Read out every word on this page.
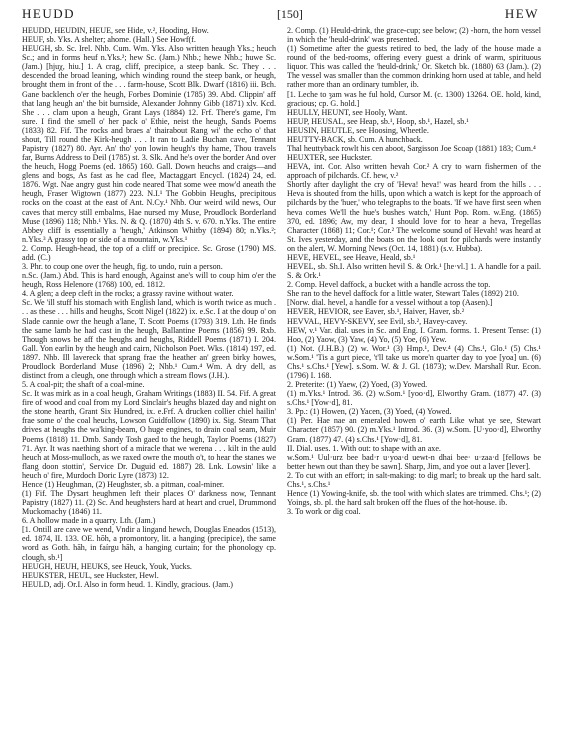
HEUDD	[150]	HEW

HEUDD, HEUDIN, HEUE, see Hide, v.², Hooding, How.

HEUF, sb. Yks. A shelter; ahome. (Hall.) See Howf(f.

HEUGH, sb. Sc. Irel. Nhb. Cum. Wm. Yks. Also written heaugh Yks.; heuch Sc.; and in forms heuf n.Yks.²; hew Sc. (Jam.) Nhb.; hewe Nhb.; huwe Sc. (Jam.) [hjuχ, hiu.] 1. A crag, cliff, precipice, a steep bank. Sc. They . . . descended the broad leaning, which winding round the steep bank, or heugh, brought them in front of the . . . farm-house, Scott Blk. Dwarf (1816) iii. Bch. Gane backlench o'er the heugh, Forbes Dominie (1785) 39. Abd. Clippin' aff that lang heugh an' the bit burnside, Alexander Johnny Gibb (1871) xlv. Kcd. She . . . clam upon a heugh, Grant Lays (1884) 12. Frf. There's game, I'm sure. I find the smell o' her pack o' Ethie, neist the heugh, Sands Poems (1833) 82. Fif. The rocks and braes a' thairabout Rang wi' the echo o' that shout, Till round the Kirk-heugh . . . It ran to Ladie Buchan cave, Tennant Papistry (1827) 80. Ayr. An' tho' yon lowin heugh's thy hame, Thou travels far, Burns Address to Deil (1785) st. 3. Slk. And he's over the border And over the heuch, Hogg Poems (ed. 1865) 160. Gall. Down heuchs and craigs—and glens and bogs, As fast as he cad flee, Mactaggart Encycl. (1824) 24, ed. 1876. Wgt. Nae angry gust hin code neared That some wee mow'd aneath the heugh, Fraser Wigtown (1877) 223. N.I.¹ The Gobbin Heughs, precipitous rocks on the coast at the east of Ant. N.Cy.¹ Nhb. Our weird wild news, Our caves that mercy still embalms, Hae nursed my Muse, Proudlock Borderland Muse (1896) 118; Nhb.¹ Yks. N. & Q. (1870) 4th S. v. 670. n.Yks. The entire Abbey cliff is essentially a 'heugh,' Atkinson Whitby (1894) 80; n.Yks.²; n.Yks.³ A grassy top or side of a mountain, w.Yks.¹

2. Comp. Heugh-head, the top of a cliff or precipice. Sc. Grose (1790) MS. add. (C.)

3. Phr. to coup one over the heugh, fig. to undo, ruin a person.

n.Sc. (Jam.) Abd. This is hard enough, Against ane's will to coup him o'er the heugh, Ross Helenore (1768) 100, ed. 1812.

4. A glen; a deep cleft in the rocks; a grassy ravine without water.

Sc. We 'ill stuff his stomach with English land, which is worth twice as much . . . as these . . . hills and heughs, Scott Nigel (1822) ix. e.Sc. I at the doup o' on Slade cannie owr the heugh a'lane, T. Scott Poems (1793) 319. Lth. He finds the same lamb he had cast in the heugh, Ballantine Poems (1856) 99. Rxb. Though snows be aff the heughs and heughs, Riddell Poems (1871) I. 204. Gall. Yon earlin by the heugh and cairn, Nicholson Poet. Wks. (1814) 197, ed. 1897. Nhb. Ill lavereck that sprang frae the heather an' green birky howes, Proudlock Borderland Muse (1896) 2; Nhb.¹ Cum.⁴ Wm. A dry dell, as distinct from a cleugh, one through which a stream flows (J.H.).

5. A coal-pit; the shaft of a coal-mine.

Sc. It was mirk as in a coal heugh, Graham Writings (1883) II. 54. Fif. A great fire of wood and coal from my Lord Sinclair's heughs blazed day and night on the stone hearth, Grant Six Hundred, ix. e.Frf. A drucken collier chiel hailin' frae some o' the coal heuchs, Lowson Guidfollow (1890) ix. Sig. Steam That drives at heughs the wa'king-beam, O huge engines, to drain coal seam, Muir Poems (1818) 11. Dmb. Sandy Tosh gaed to the heugh, Taylor Poems (1827) 71. Ayr. It was naething short of a miracle that we werena . . . kilt in the auld heuch at Moss-mulloch, as we raxed owre the mouth o't, to hear the stanes we flang doon stottin', Service Dr. Duguid ed. 1887) 28. Lnk. Lowsin' like a heuch o' fire, Murdoch Doric Lyre (1873) 12.

Hence (1) Heughman, (2) Heughster, sb. a pitman, coal-miner.

(1) Fif. The Dysart heughmen left their places O' darkness now, Tennant Papistry (1827) 11. (2) Sc. And heughsters hard at heart and cruel, Drummond Muckomachy (1846) 11.

6. A hollow made in a quarry. Lth. (Jam.)

[1. Ontill are cave we wend, Vndir a lingand hewch, Douglas Eneados (1513), ed. 1874, II. 133. OE. hōh, a promontory, lit. a hanging (precipice), the same word as Goth. hāh, in faírgu hāh, a hanging curtain; for the phonology cp. clough, sb.¹]

HEUGH, HEUH, HEUKS, see Heuck, Youk, Yucks.

HEUKSTER, HEUL, see Huckster, Hewl.

HEULD, adj. Or.I. Also in form heud. 1. Kindly, gracious. (Jam.)

2. Comp. (1) Heuld-drink, the grace-cup; see below; (2) -horn, the horn vessel in which the 'heuld-drink' was presented.

(1) Sometime after the guests retired to bed, the lady of the house made a round of the bed-rooms, offering every guest a drink of warm, spirituous liquor. This was called the 'heuld-drink,' Or. Sketch bk. (1880) 63 (Jam.). (2) The vessel was smaller than the common drinking horn used at table, and held rather more than an ordinary tumbler, ib.

[1. Leche to ȝam was he ful hold, Cursor M. (c. 1300) 13264. OE. hold, kind, gracious; cp. G. hold.]

HEULLY, HEUNT, see Hooly, Want.

HEUP, HEUSAL, see Heap, sb.¹, Hoop, sb.¹, Hazel, sb.¹

HEUSIN, HEUTLE, see Hoosing, Wheetle.

HEUTTY-BACK, sb. Cum. A hunchback.

Thal heuttyback rowlt his cen aboot, Sargisson Joe Scoap (1881) 183; Cum.⁴

HEUXTER, see Huckster.

HEVA, int. Cor. Also written hevah Cor.² A cry to warn fishermen of the approach of pilchards. Cf. hew, v.²

Shortly after daylight the cry of 'Heva! heva!' was heard from the hills . . . Heva is shouted from the hills, upon which a watch is kept for the approach of pilchards by the 'huer,' who telegraphs to the boats. 'If we have first seen when heva comes We'll the hue's bushes watch,' Hunt Pop. Rom. w.Eng. (1865) 370, ed. 1896; Aw, my dear, I should love for to hear a heva, Tregellas Character (1868) 11; Cor.¹; Cor.² The welcome sound of Hevah! was heard at St. Ives yesterday, and the boats on the look out for pilchards were instantly on the alert, W. Morning News (Oct. 14, 1881) (s.v. Hubba).

HEVE, HEVEL, see Heave, Heald, sb.¹

HEVEL, sb. Sh.I. Also written hevil S. & Ork.¹ [he·vl.] 1. A handle for a pail. S. & Ork.¹

2. Comp. Hevel daffock, a bucket with a handle across the top.

She ran to the hevel daffock for a little water, Stewart Tales (1892) 210.

[Norw. dial. hevel, a handle for a vessel without a top (Aasen).]

HEVER, HEVIOR, see Eaver, sb.¹, Haiver, Haver, sb.²

HEVVAL, HEVY-SKEVY, see Evil, sb.², Havey-cavey.

HEW, v.¹ Var. dial. uses in Sc. and Eng. I. Gram. forms. 1. Present Tense: (1) Hoo, (2) Yaow, (3) Yaw, (4) Yo, (5) Yoe, (6) Yew.

(1) Not. (J.H.B.) (2) w. Wor.¹ (3) Hmp.¹, Dev.⁴ (4) Chs.¹, Glo.¹ (5) Chs.¹ w.Som.¹ 'Tis a gurt piece, 't'll take us more'n quarter day to yoe [yoa] un. (6) Chs.¹ s.Chs.¹ [Yew]. s.Som. W. & J. Gl. (1873); w.Dev. Marshall Rur. Econ. (1796) I. 168.

2. Preterite: (1) Yaew, (2) Yoed, (3) Yowed.

(1) m.Yks.¹ Introd. 36. (2) w.Som.¹ [yoo·d], Elworthy Gram. (1877) 47. (3) s.Chs.¹ [Yow·d], 81.

3. Pp.: (1) Howen, (2) Yacen, (3) Yoed, (4) Yowed.

(1) Per. Hae nae an emeraled howen o' earth Like what ye see, Stewart Character (1857) 90. (2) m.Yks.¹ Introd. 36. (3) w.Som. [U·yoo·d], Elworthy Gram. (1877) 47. (4) s.Chs.¹ [Yow·d], 81.

II. Dial. uses. 1. With out: to shape with an axe.

w.Som.¹ Uul·urz bee bad·r u·yoa·d uewt-n dhai bee· u·zaa·d [fellows be better hewn out than they be sawn]. Sharp, Jim, and yoe out a laver [lever].

2. To cut with an effort; in salt-making: to dig marl; to break up the hard salt. Chs.¹, s.Chs.¹

Hence (1) Yowing-knife, sb. the tool with which slates are trimmed. Chs.¹; (2) Yoings, sb. pl. the hard salt broken off the flues of the hot-house. ib.

3. To work or dig coal.
